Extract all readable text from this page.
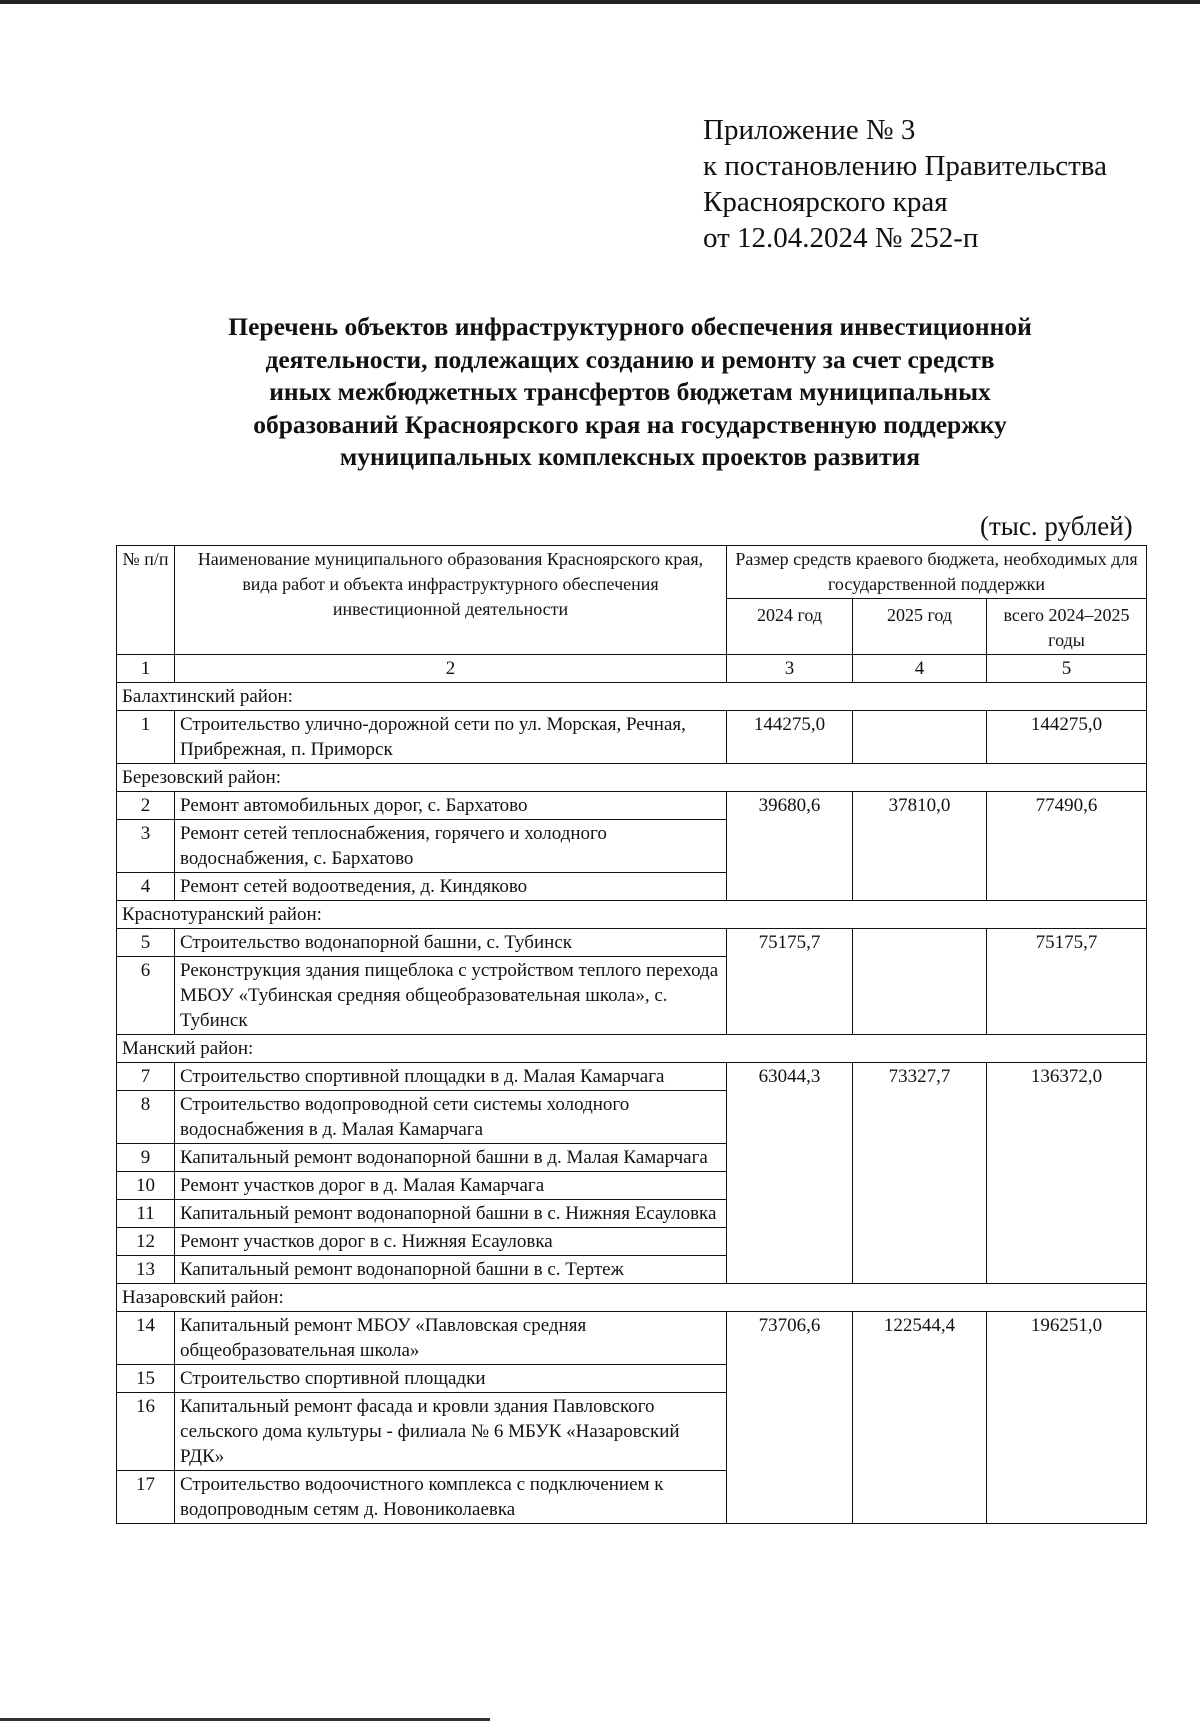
Приложение № 3
к постановлению Правительства
Красноярского края
от 12.04.2024 № 252-п
Перечень объектов инфраструктурного обеспечения инвестиционной
деятельности, подлежащих созданию и ремонту за счет средств
иных межбюджетных трансфертов бюджетам муниципальных
образований Красноярского края на государственную поддержку
муниципальных комплексных проектов развития
(тыс. рублей)
№ п/п	Наименование муниципального образования Красноярского края, вида работ и объекта инфраструктурного обеспечения инвестиционной деятельности	Размер средств краевого бюджета, необходимых для государственной поддержки		
		2024 год	2025 год	всего 2024–2025 годы
1	2	3	4	5
Балахтинский район:				
1	Строительство улично-дорожной сети по ул. Морская, Речная, Прибрежная, п. Приморск	144275,0		144275,0
Березовский район:				
2	Ремонт автомобильных дорог, с. Бархатово	39680,6	37810,0	77490,6
3	Ремонт сетей теплоснабжения, горячего и холодного водоснабжения, с. Бархатово			
4	Ремонт сетей водоотведения, д. Киндяково			
Краснотуранский район:				
5	Строительство водонапорной башни, с. Тубинск	75175,7		75175,7
6	Реконструкция здания пищеблока с устройством теплого перехода МБОУ «Тубинская средняя общеобразовательная школа», с. Тубинск			
Манский район:				
7	Строительство спортивной площадки в д. Малая Камарчага	63044,3	73327,7	136372,0
8	Строительство водопроводной сети системы холодного водоснабжения в д. Малая Камарчага			
9	Капитальный ремонт водонапорной башни в д. Малая Камарчага			
10	Ремонт участков дорог в д. Малая Камарчага			
11	Капитальный ремонт водонапорной башни в с. Нижняя Есауловка			
12	Ремонт участков дорог в с. Нижняя Есауловка			
13	Капитальный ремонт водонапорной башни в с. Тертеж			
Назаровский район:				
14	Капитальный ремонт МБОУ «Павловская средняя общеобразовательная школа»	73706,6	122544,4	196251,0
15	Строительство спортивной площадки			
16	Капитальный ремонт фасада и кровли здания Павловского сельского дома культуры - филиала № 6 МБУК «Назаровский РДК»			
17	Строительство водоочистного комплекса с подключением к водопроводным сетям д. Новониколаевка			
